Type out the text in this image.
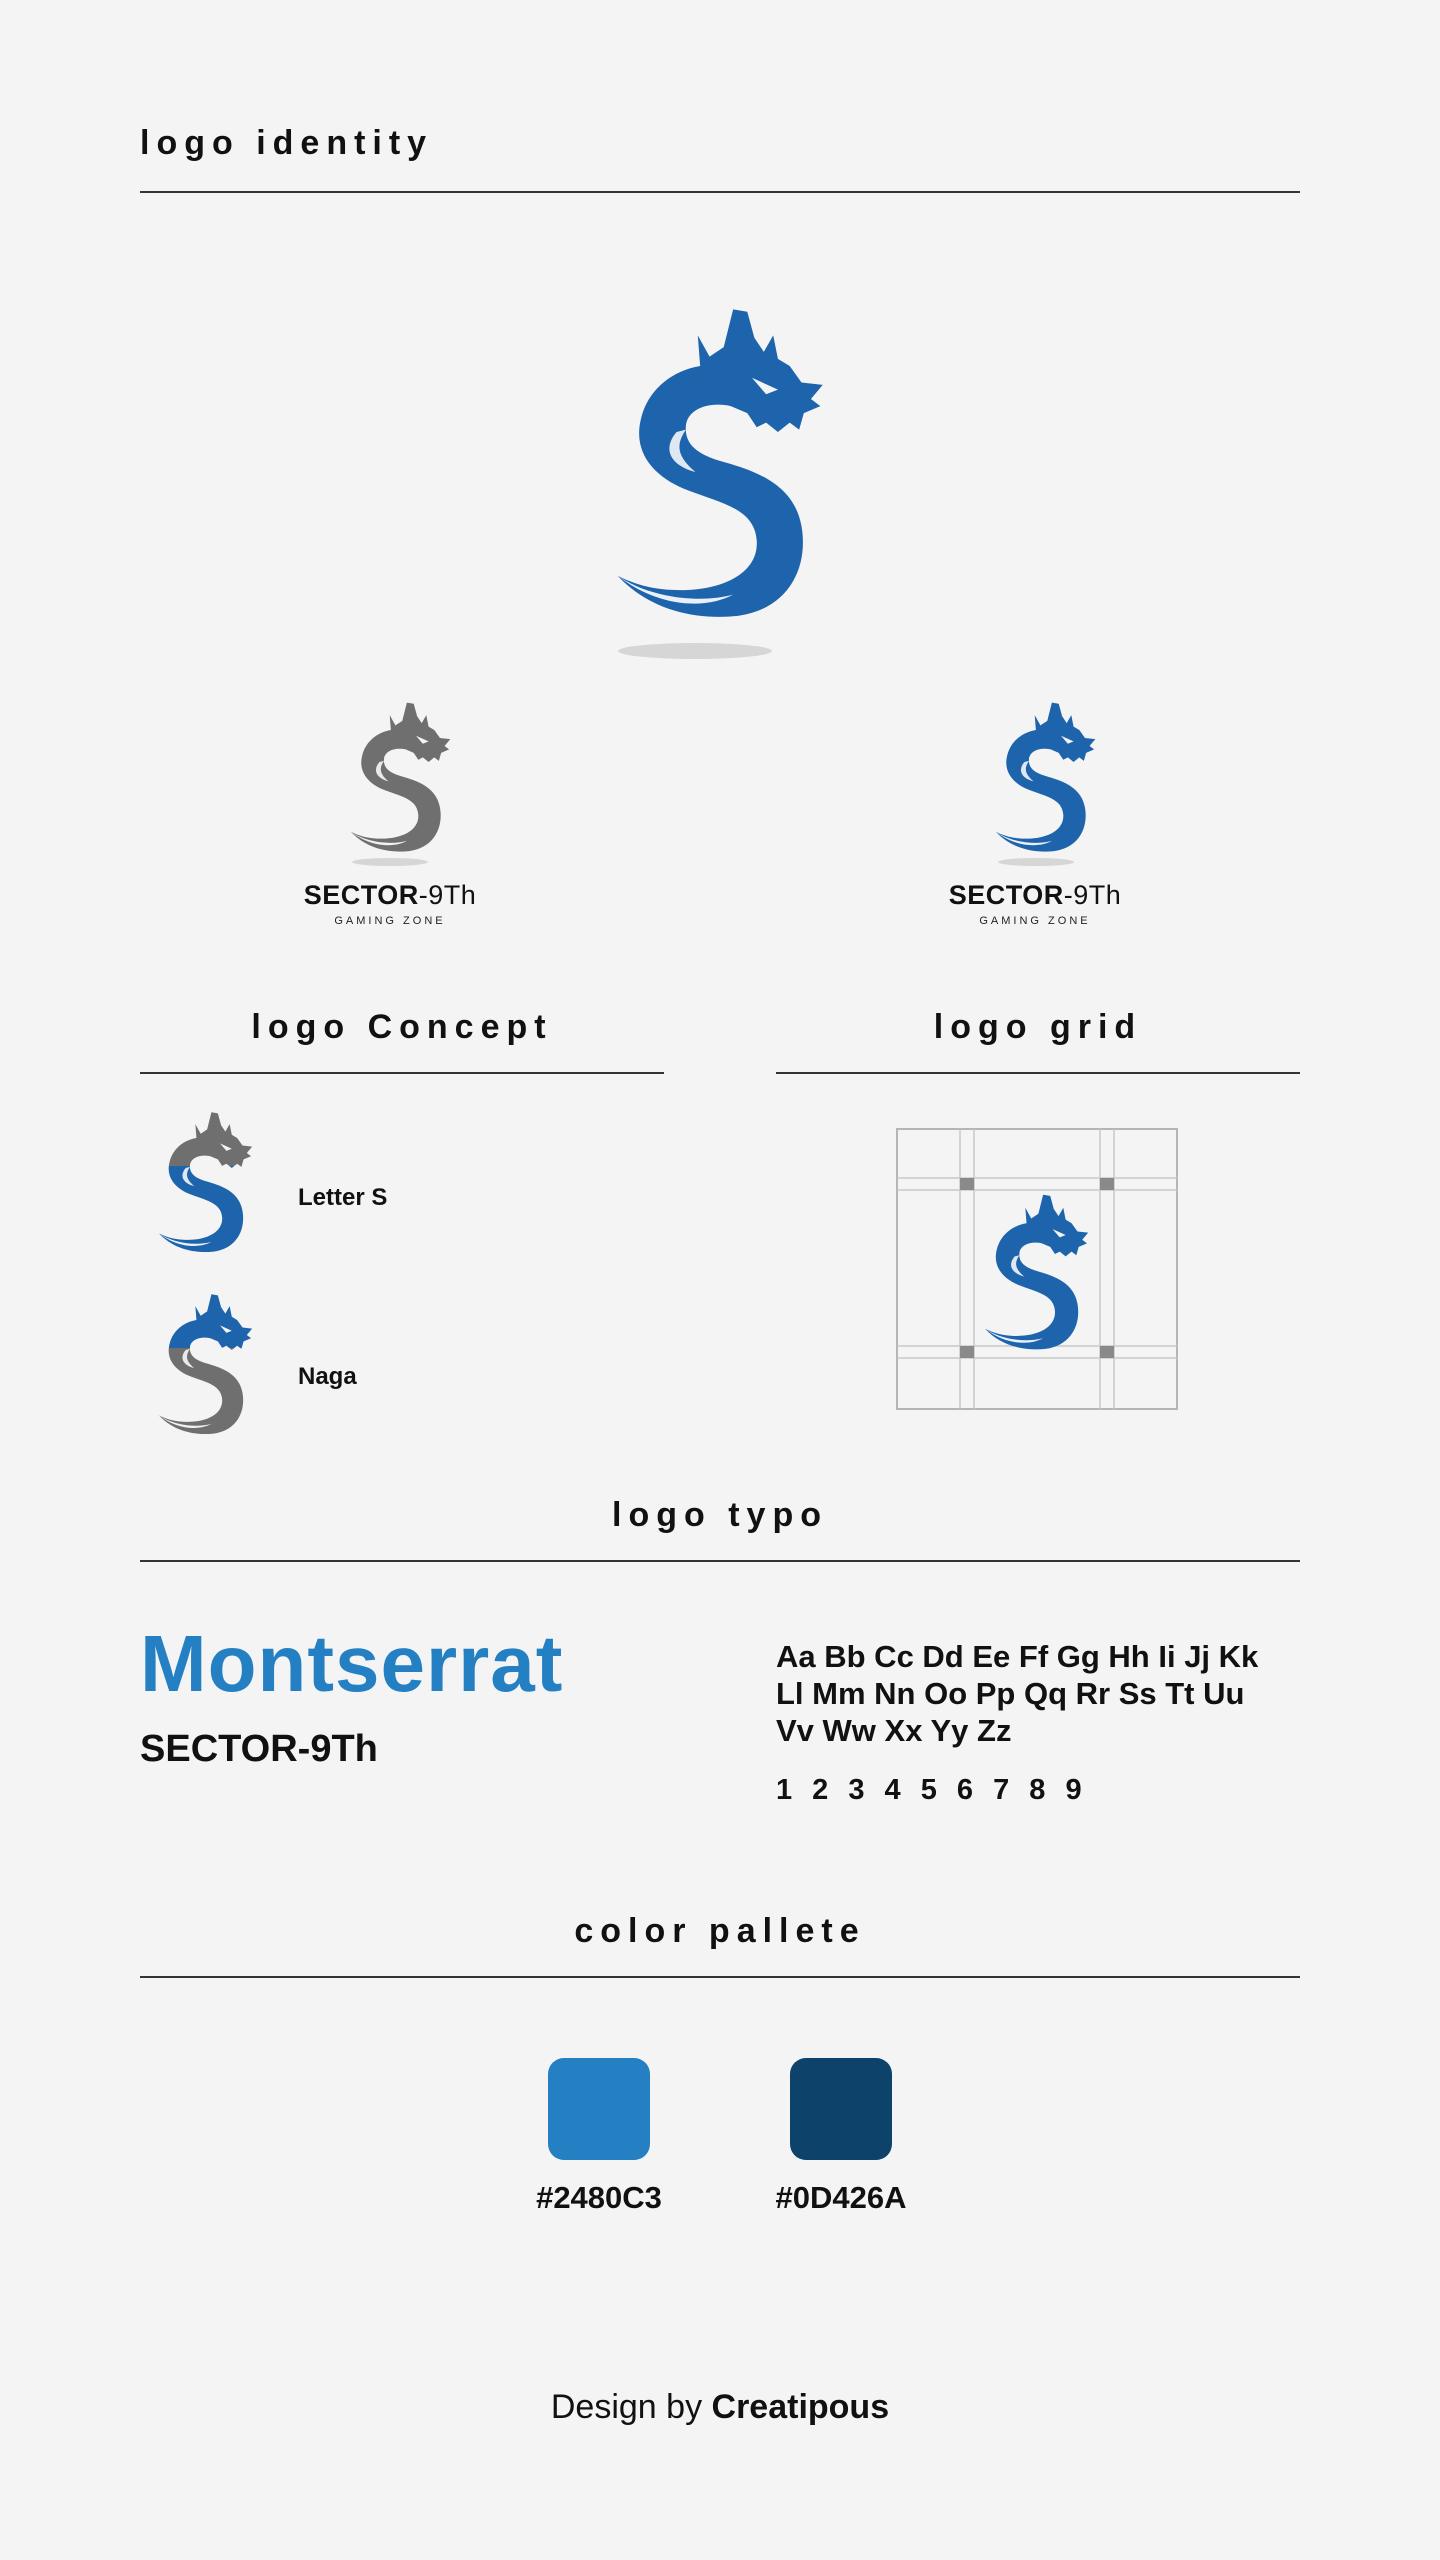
logo identity
SECTOR-9Th
GAMING ZONE
SECTOR-9Th
GAMING ZONE
logo Concept	logo grid
Letter S
Naga
logo typo
Montserrat
SECTOR-9Th
Aa Bb Cc Dd Ee Ff Gg Hh Ii Jj Kk
Ll Mm Nn Oo Pp Qq Rr Ss Tt Uu
Vv Ww Xx Yy Zz
1 2 3 4 5 6 7 8 9
color pallete
#2480C3	#0D426A
Design by Creatipous
